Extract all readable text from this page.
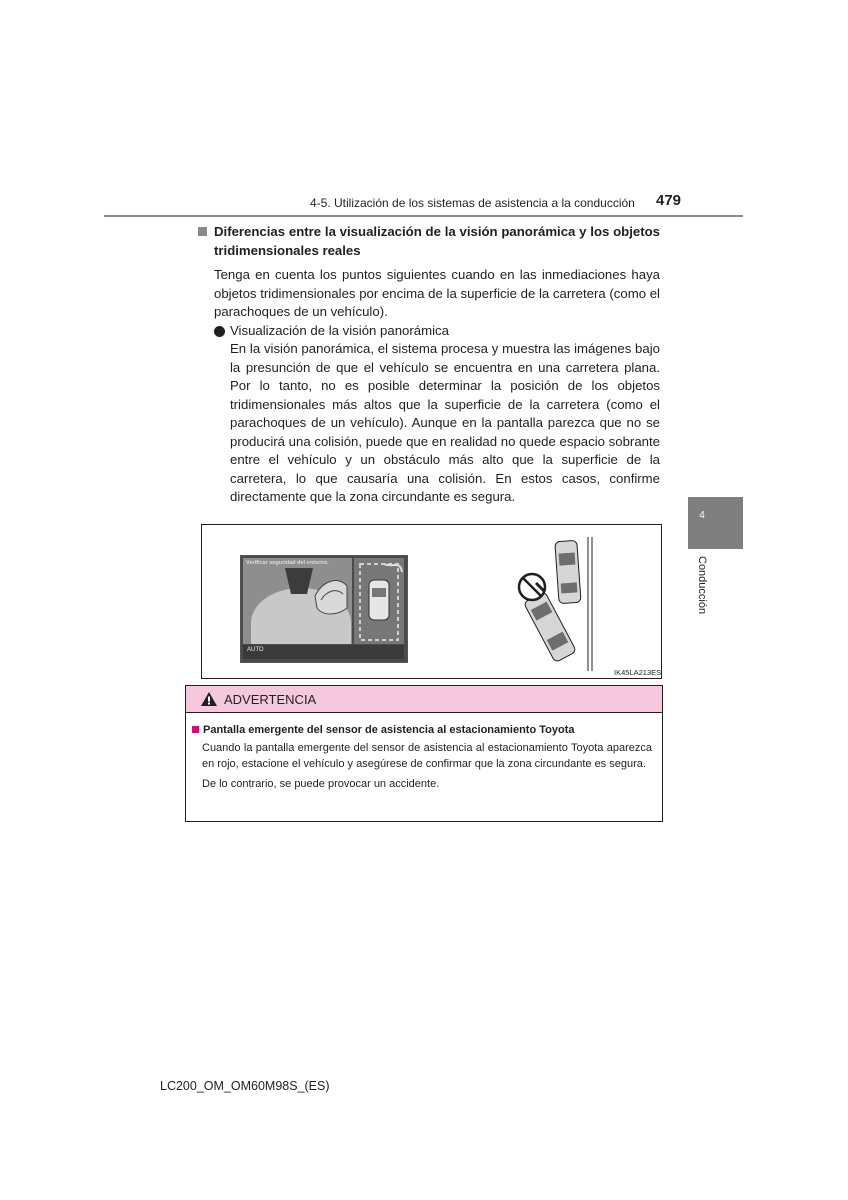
4-5. Utilización de los sistemas de asistencia a la conducción 479
4
Conducción
Diferencias entre la visualización de la visión panorámica y los objetos tridimensionales reales
Tenga en cuenta los puntos siguientes cuando en las inmediaciones haya objetos tridimensionales por encima de la superficie de la carretera (como el parachoques de un vehículo).
Visualización de la visión panorámica
En la visión panorámica, el sistema procesa y muestra las imágenes bajo la presunción de que el vehículo se encuentra en una carretera plana. Por lo tanto, no es posible determinar la posición de los objetos tridimensionales más altos que la superficie de la carretera (como el parachoques de un vehículo). Aunque en la pantalla parezca que no se producirá una colisión, puede que en realidad no quede espacio sobrante entre el vehículo y un obstáculo más alto que la superficie de la carretera, lo que causaría una colisión. En estos casos, confirme directamente que la zona circundante es segura.
Verificar seguridad del entorno.
AUTO
IK45LA213ES
ADVERTENCIA
Pantalla emergente del sensor de asistencia al estacionamiento Toyota
Cuando la pantalla emergente del sensor de asistencia al estacionamiento Toyota aparezca en rojo, estacione el vehículo y asegúrese de confirmar que la zona circundante es segura.
De lo contrario, se puede provocar un accidente.
LC200_OM_OM60M98S_(ES)
